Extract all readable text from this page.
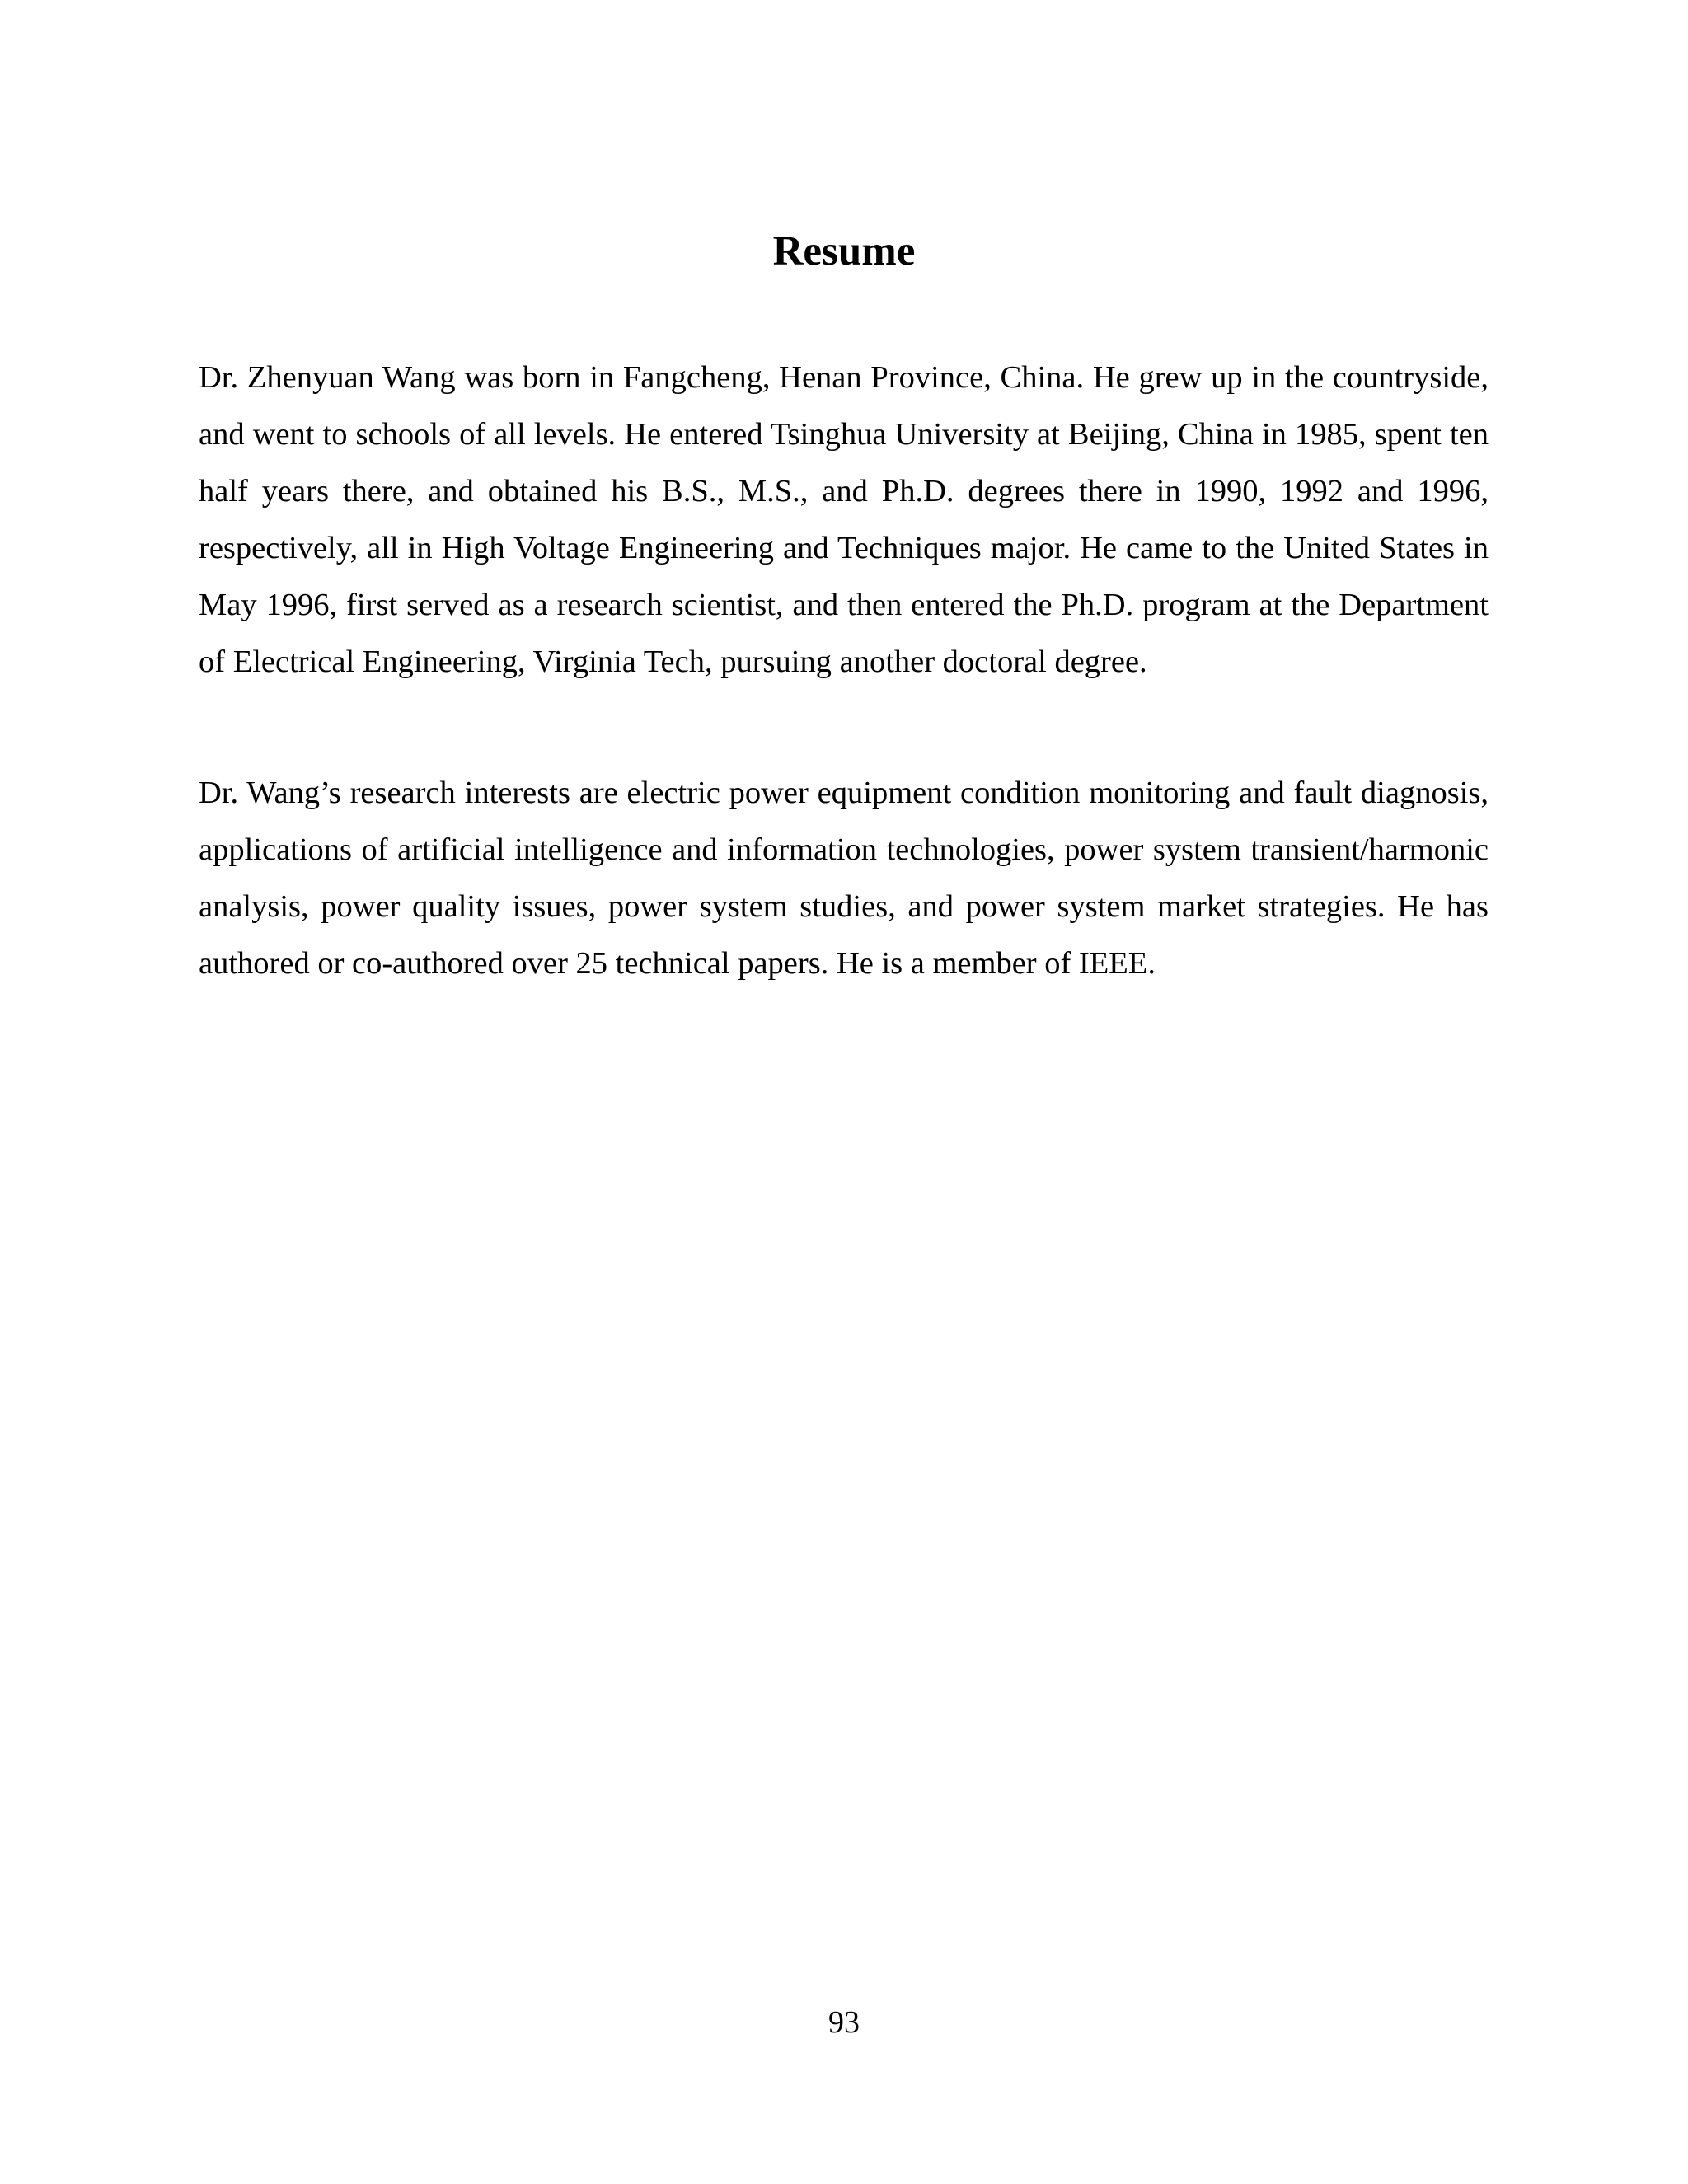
Resume

Dr. Zhenyuan Wang was born in Fangcheng, Henan Province, China. He grew up in the countryside, and went to schools of all levels. He entered Tsinghua University at Beijing, China in 1985, spent ten half years there, and obtained his B.S., M.S., and Ph.D. degrees there in 1990, 1992 and 1996, respectively, all in High Voltage Engineering and Techniques major. He came to the United States in May 1996, first served as a research scientist, and then entered the Ph.D. program at the Department of Electrical Engineering, Virginia Tech, pursuing another doctoral degree.

Dr. Wang’s research interests are electric power equipment condition monitoring and fault diagnosis, applications of artificial intelligence and information technologies, power system transient/harmonic analysis, power quality issues, power system studies, and power system market strategies. He has authored or co-authored over 25 technical papers. He is a member of IEEE.

93
